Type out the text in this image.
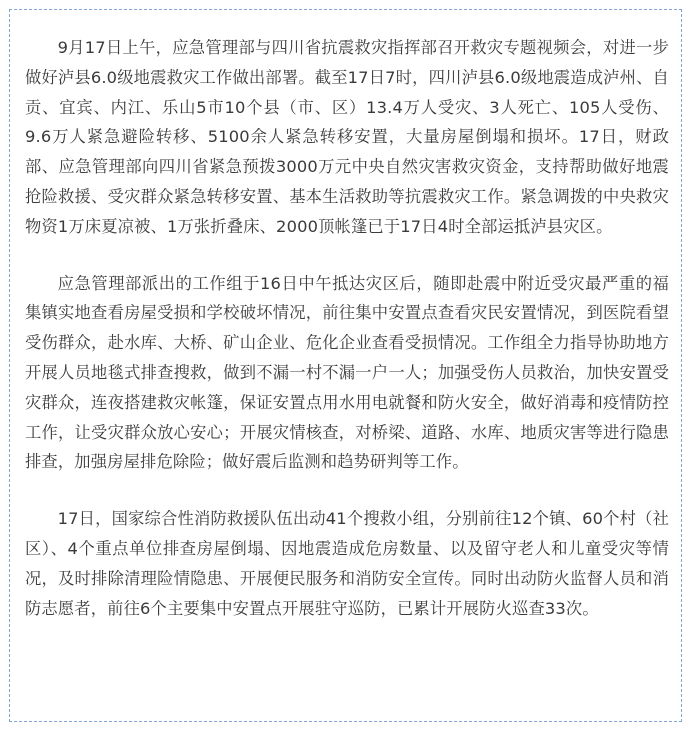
9月17日上午，应急管理部与四川省抗震救灾指挥部召开救灾专题视频会，对进一步做好泸县6.0级地震救灾工作做出部署。截至17日7时，四川泸县6.0级地震造成泸州、自贡、宜宾、内江、乐山5市10个县（市、区）13.4万人受灾、3人死亡、105人受伤、9.6万人紧急避险转移、5100余人紧急转移安置，大量房屋倒塌和损坏。17日，财政部、应急管理部向四川省紧急预拨3000万元中央自然灾害救灾资金，支持帮助做好地震抢险救援、受灾群众紧急转移安置、基本生活救助等抗震救灾工作。紧急调拨的中央救灾物资1万床夏凉被、1万张折叠床、2000顶帐篷已于17日4时全部运抵泸县灾区。

应急管理部派出的工作组于16日中午抵达灾区后，随即赴震中附近受灾最严重的福集镇实地查看房屋受损和学校破坏情况，前往集中安置点查看灾民安置情况，到医院看望受伤群众，赴水库、大桥、矿山企业、危化企业查看受损情况。工作组全力指导协助地方开展人员地毯式排查搜救，做到不漏一村不漏一户一人；加强受伤人员救治，加快安置受灾群众，连夜搭建救灾帐篷，保证安置点用水用电就餐和防火安全，做好消毒和疫情防控工作，让受灾群众放心安心；开展灾情核查，对桥梁、道路、水库、地质灾害等进行隐患排查，加强房屋排危除险；做好震后监测和趋势研判等工作。

17日，国家综合性消防救援队伍出动41个搜救小组，分别前往12个镇、60个村（社区）、4个重点单位排查房屋倒塌、因地震造成危房数量、以及留守老人和儿童受灾等情况，及时排除清理险情隐患、开展便民服务和消防安全宣传。同时出动防火监督人员和消防志愿者，前往6个主要集中安置点开展驻守巡防，已累计开展防火巡查33次。
